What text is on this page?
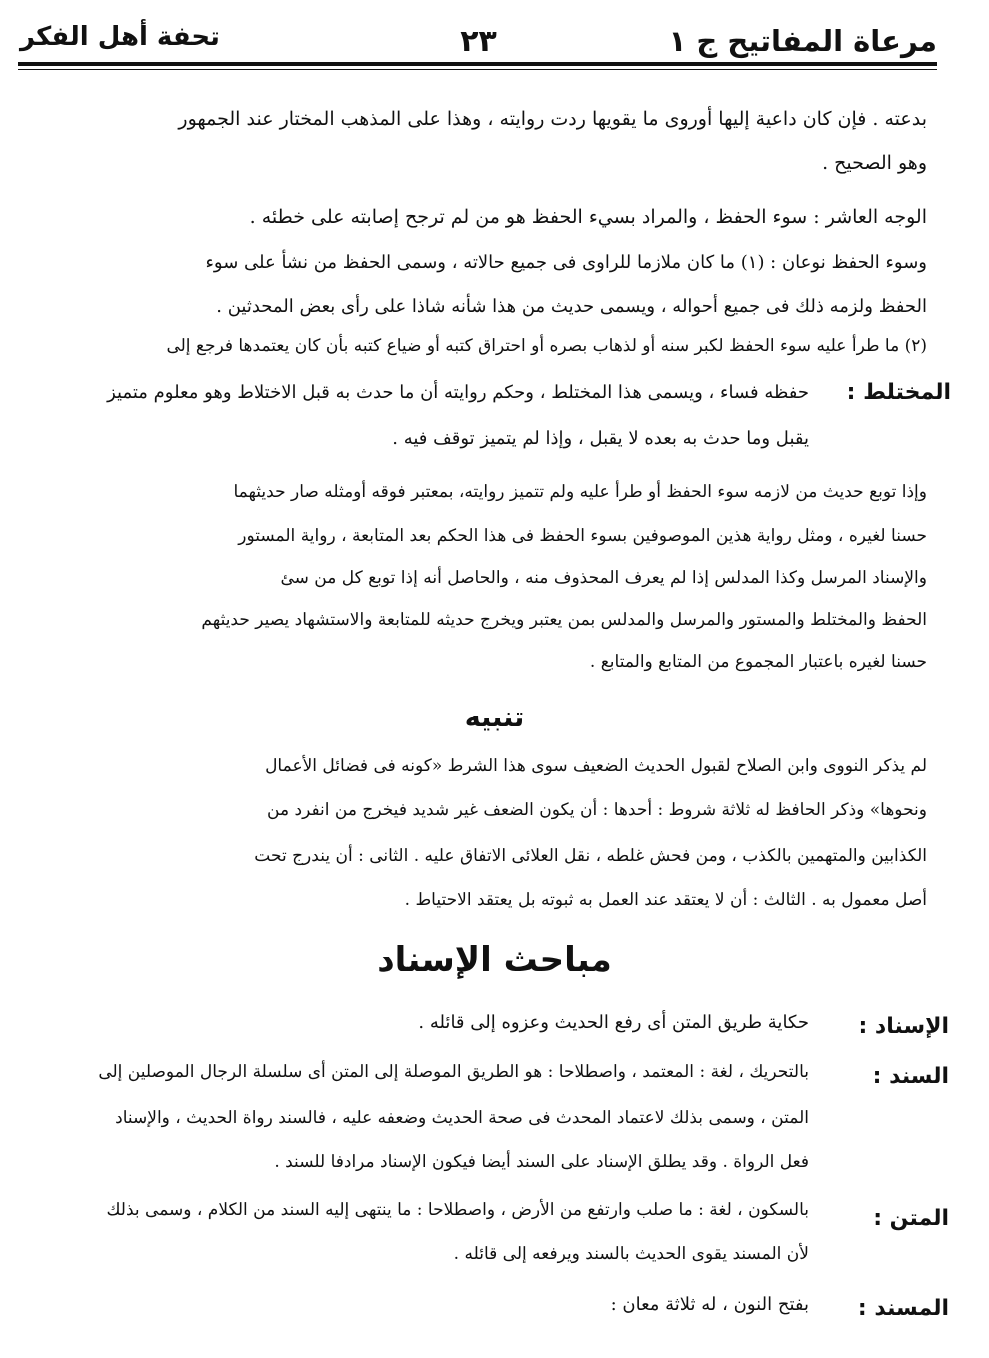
مرعاة المفاتيح ج ١
٢٣
تحفة أهل الفكر

بدعته . فإن كان داعية إليها أوروى ما يقويها ردت روايته ، وهذا على المذهب المختار عند الجمهور

وهو الصحيح .

الوجه العاشر : سوء الحفظ ، والمراد بسيء الحفظ هو من لم ترجح إصابته على خطئه .

وسوء الحفظ نوعان : (١) ما كان ملازما للراوى فى جميع حالاته ، وسمى الحفظ من نشأ على سوء

الحفظ ولزمه ذلك فى جميع أحواله ، ويسمى حديث من هذا شأنه شاذا على رأى بعض المحدثين .

(٢) ما طرأ عليه سوء الحفظ لكبر سنه أو لذهاب بصره أو احتراق كتبه أو ضياع كتبه بأن كان يعتمدها فرجع إلى

المختلط :

حفظه فساء ، ويسمى هذا المختلط ، وحكم روايته أن ما حدث به قبل الاختلاط وهو معلوم متميز

يقبل وما حدث به بعده لا يقبل ، وإذا لم يتميز توقف فيه .

وإذا توبع حديث من لازمه سوء الحفظ أو طرأ عليه ولم تتميز روايته، بمعتبر فوقه أومثله صار حديثهما

حسنا لغيره ، ومثل رواية هذين الموصوفين بسوء الحفظ فى هذا الحكم بعد المتابعة ، رواية المستور

والإسناد المرسل وكذا المدلس إذا لم يعرف المحذوف منه ، والحاصل أنه إذا توبع كل من سئ

الحفظ والمختلط والمستور والمرسل والمدلس بمن يعتبر ويخرج حديثه للمتابعة والاستشهاد يصير حديثهم

حسنا لغيره باعتبار المجموع من المتابع والمتابع .

تنبيه

لم يذكر النووى وابن الصلاح لقبول الحديث الضعيف سوى هذا الشرط «كونه فى فضائل الأعمال

ونحوها» وذكر الحافظ له ثلاثة شروط : أحدها : أن يكون الضعف غير شديد فيخرج من انفرد من

الكذابين والمتهمين بالكذب ، ومن فحش غلطه ، نقل العلائى الاتفاق عليه . الثانى : أن يندرج تحت

أصل معمول به . الثالث : أن لا يعتقد عند العمل به ثبوته بل يعتقد الاحتياط .

مباحث الإسناد
الإسناد :

حكاية طريق المتن أى رفع الحديث وعزوه إلى قائله .

السند :

بالتحريك ، لغة : المعتمد ، واصطلاحا : هو الطريق الموصلة إلى المتن أى سلسلة الرجال الموصلين إلى

المتن ، وسمى بذلك لاعتماد المحدث فى صحة الحديث وضعفه عليه ، فالسند رواة الحديث ، والإسناد

فعل الرواة . وقد يطلق الإسناد على السند أيضا فيكون الإسناد مرادفا للسند .

المتن :

بالسكون ، لغة : ما صلب وارتفع من الأرض ، واصطلاحا : ما ينتهى إليه السند من الكلام ، وسمى بذلك

لأن المسند يقوى الحديث بالسند ويرفعه إلى قائله .

المسند :

بفتح النون ، له ثلاثة معان :
